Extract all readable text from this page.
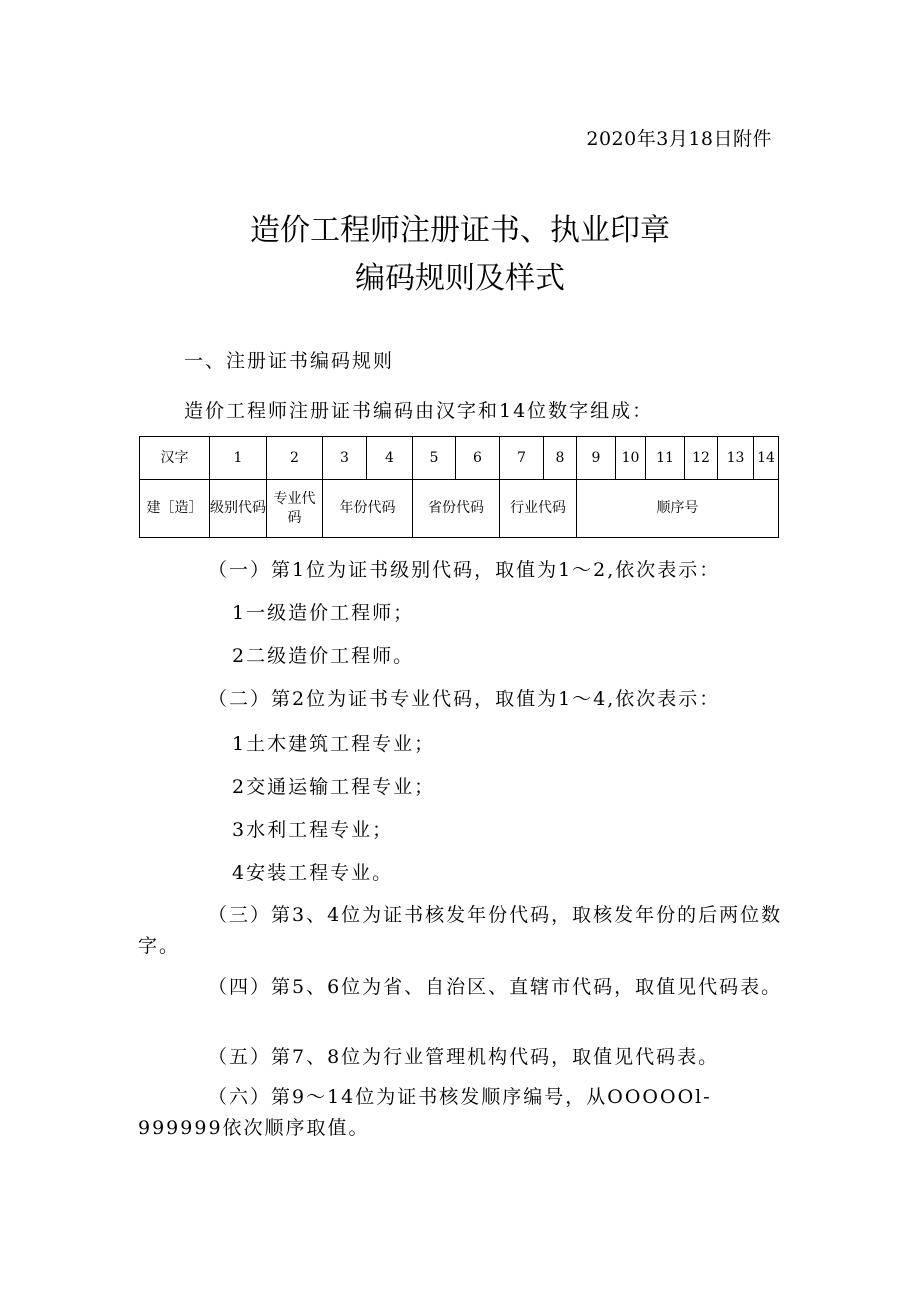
2020年3月18日附件
造价工程师注册证书、执业印章
编码规则及样式
一、注册证书编码规则
造价工程师注册证书编码由汉字和14位数字组成：
汉字	1	2	3	4	5	6	7	8	9	10	11	12	13	14
建［造］	级别代码	专业代码	年份代码		省份代码		行业代码		顺序号					
（一）第1位为证书级别代码，取值为1～2,依次表示：
1一级造价工程师；
2二级造价工程师。
（二）第2位为证书专业代码，取值为1～4,依次表示：
1土木建筑工程专业；
2交通运输工程专业；
3水利工程专业；
4安装工程专业。
（三）第3、4位为证书核发年份代码，取核发年份的后两位数字。
（四）第5、6位为省、自治区、直辖市代码，取值见代码表。
（五）第7、8位为行业管理机构代码，取值见代码表。
（六）第9～14位为证书核发顺序编号，从OOOOOl-999999依次顺序取值。
